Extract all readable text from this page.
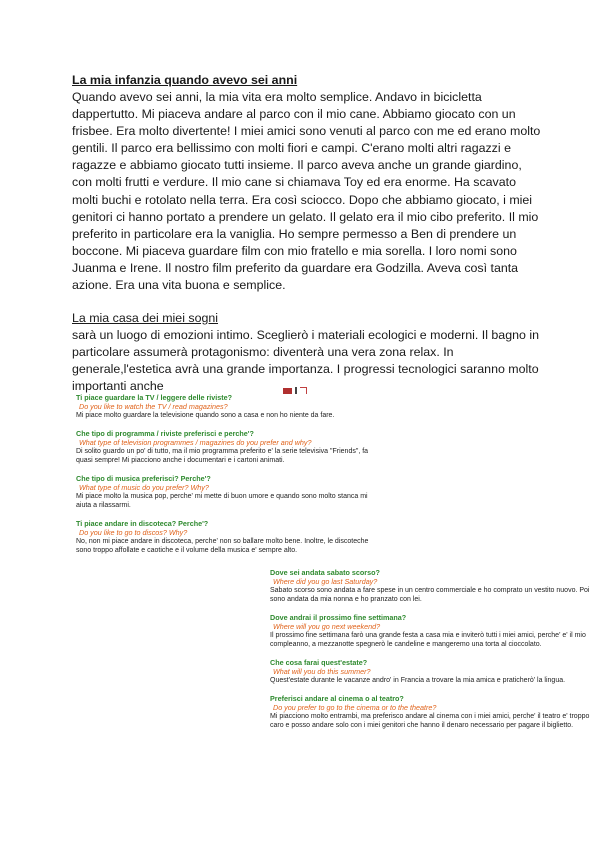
La mia infanzia quando avevo sei anni

Quando avevo sei anni, la mia vita era molto semplice. Andavo in bicicletta dappertutto. Mi piaceva andare al parco con il mio cane. Abbiamo giocato con un frisbee. Era molto divertente! I miei amici sono venuti al parco con me ed erano molto gentili. Il parco era bellissimo con molti fiori e campi. C'erano molti altri ragazzi e ragazze e abbiamo giocato tutti insieme. Il parco aveva anche un grande giardino, con molti frutti e verdure. Il mio cane si chiamava Toy ed era enorme. Ha scavato molti buchi e rotolato nella terra. Era così sciocco. Dopo che abbiamo giocato, i miei genitori ci hanno portato a prendere un gelato. Il gelato era il mio cibo preferito. Il mio preferito in particolare era la vaniglia. Ho sempre permesso a Ben di prendere un boccone. Mi piaceva guardare film con mio fratello e mia sorella. I loro nomi sono Juanma e Irene. Il nostro film preferito da guardare era Godzilla. Aveva così tanta azione. Era una vita buona e semplice.

La mia casa dei miei sogni

sarà un luogo di emozioni intimo. Sceglierò i materiali ecologici e moderni. Il bagno in particolare assumerà protagonismo: diventerà una vera zona relax. In generale,l'estetica avrà una grande importanza. I progressi tecnologici saranno molto importanti anche

Ti piace guardare la TV / leggere delle riviste?

Do you like to watch the TV / read magazines?

Mi piace molto guardare la televisione quando sono a casa e non ho niente da fare.

Che tipo di programma / riviste preferisci e perche'?

What type of television programmes / magazines do you prefer and why?

Di solito guardo un po' di tutto, ma il mio programma preferito e' la serie televisiva "Friends", fa quasi sempre! Mi piacciono anche i documentari e i cartoni animati.

Che tipo di musica preferisci? Perche'?

What type of music do you prefer? Why?

Mi piace molto la musica pop, perche' mi mette di buon umore e quando sono molto stanca mi aiuta a rilassarmi.

Ti piace andare in discoteca? Perche'?

Do you like to go to discos? Why?

No, non mi piace andare in discoteca, perche' non so ballare molto bene. Inoltre, le discoteche sono troppo affollate e caotiche e il volume della musica e' sempre alto.

Dove sei andata sabato scorso?

Where did you go last Saturday?

Sabato scorso sono andata a fare spese in un centro commerciale e ho comprato un vestito nuovo. Poi sono andata da mia nonna e ho pranzato con lei.

Dove andrai il prossimo fine settimana?

Where will you go next weekend?

Il prossimo fine settimana farò una grande festa a casa mia e inviterò tutti i miei amici, perche' e' il mio compleanno, a mezzanotte spegnerò le candeline e mangeremo una torta al cioccolato.

Che cosa farai quest'estate?

What will you do this summer?

Quest'estate durante le vacanze andro' in Francia a trovare la mia amica e praticherò' la lingua.

Preferisci andare al cinema o al teatro?

Do you prefer to go to the cinema or to the theatre?

Mi piacciono molto entrambi, ma preferisco andare al cinema con i miei amici, perche' il teatro e' troppo caro e posso andare solo con i miei genitori che hanno il denaro necessario per pagare il biglietto.
